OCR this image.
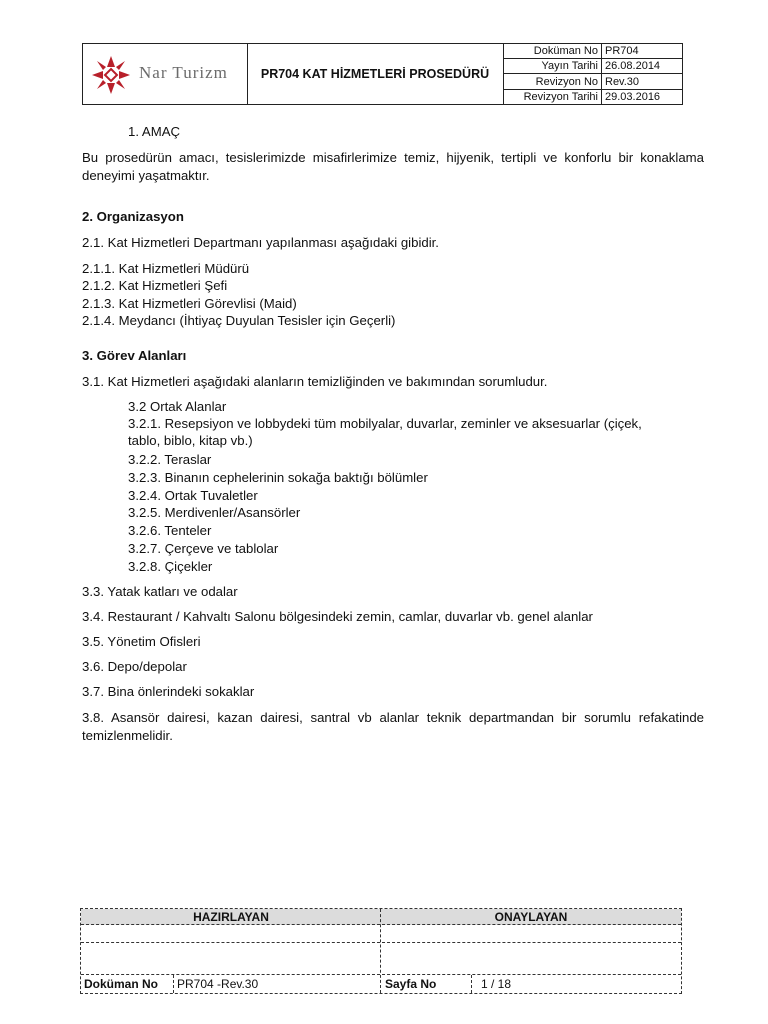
Nar Turizm	PR704 KAT HİZMETLERİ PROSEDÜRÜ
Doküman No	PR704
Yayın Tarihi	26.08.2014
Revizyon No	Rev.30
Revizyon Tarihi	29.03.2016
1. AMAÇ
Bu prosedürün amacı, tesislerimizde misafirlerimize temiz, hijyenik, tertipli ve konforlu bir konaklama deneyimi yaşatmaktır.
2. Organizasyon
2.1. Kat Hizmetleri Departmanı yapılanması aşağıdaki gibidir.
2.1.1. Kat Hizmetleri Müdürü
2.1.2. Kat Hizmetleri Şefi
2.1.3. Kat Hizmetleri Görevlisi (Maid)
2.1.4. Meydancı (İhtiyaç Duyulan Tesisler için Geçerli)
3. Görev Alanları
3.1. Kat Hizmetleri aşağıdaki alanların temizliğinden ve bakımından sorumludur.
3.2 Ortak Alanlar
3.2.1. Resepsiyon ve lobbydeki tüm mobilyalar, duvarlar, zeminler ve aksesuarlar (çiçek,
tablo, biblo, kitap vb.)
3.2.2. Teraslar
3.2.3. Binanın cephelerinin sokağa baktığı bölümler
3.2.4. Ortak Tuvaletler
3.2.5. Merdivenler/Asansörler
3.2.6. Tenteler
3.2.7. Çerçeve ve tablolar
3.2.8. Çiçekler
3.3. Yatak katları ve odalar
3.4. Restaurant / Kahvaltı Salonu bölgesindeki zemin, camlar, duvarlar vb. genel alanlar
3.5. Yönetim Ofisleri
3.6. Depo/depolar
3.7. Bina önlerindeki sokaklar
3.8. Asansör dairesi, kazan dairesi, santral vb alanlar teknik departmandan bir sorumlu refakatinde temizlenmelidir.
HAZIRLAYAN	ONAYLAYAN
Doküman No PR704 -Rev.30	Sayfa No	1 / 18
